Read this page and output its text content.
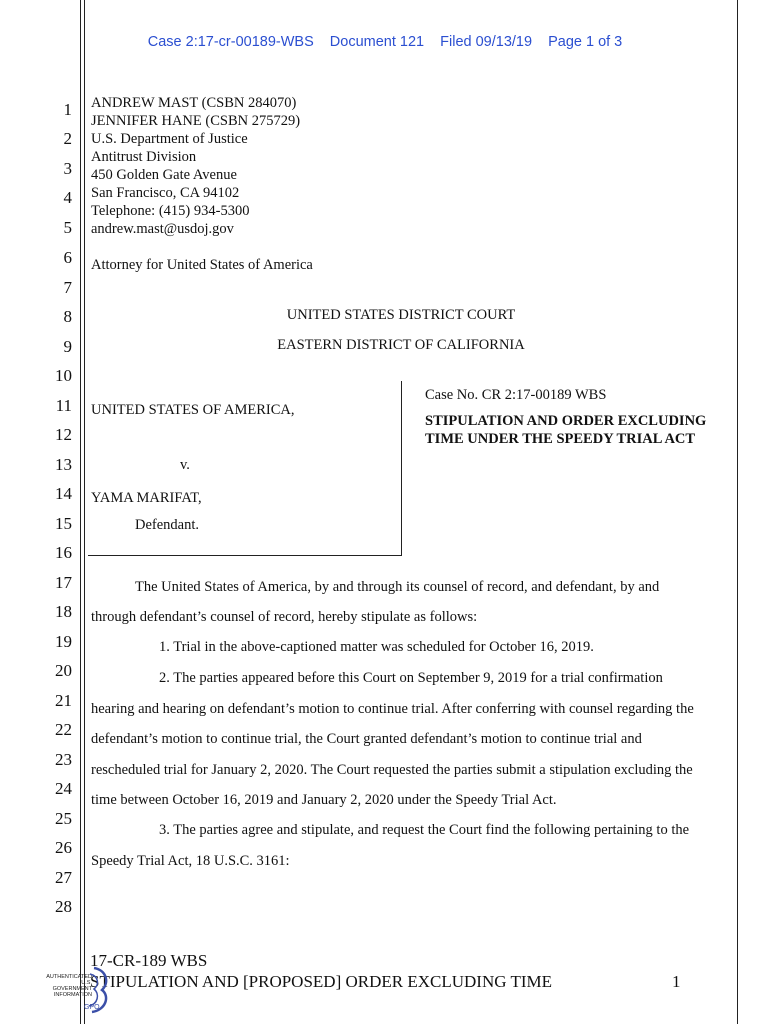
Case 2:17-cr-00189-WBS Document 121 Filed 09/13/19 Page 1 of 3
1
2
3
4
5
6
7
8
9
10
11
12
13
14
15
16
17
18
19
20
21
22
23
24
25
26
27
28
ANDREW MAST (CSBN 284070)
JENNIFER HANE (CSBN 275729)
U.S. Department of Justice
Antitrust Division
450 Golden Gate Avenue
San Francisco, CA 94102
Telephone: (415) 934-5300
andrew.mast@usdoj.gov
Attorney for United States of America
UNITED STATES DISTRICT COURT
EASTERN DISTRICT OF CALIFORNIA
UNITED STATES OF AMERICA,
v.
YAMA MARIFAT,
Defendant.
Case No. CR 2:17-00189 WBS
STIPULATION AND ORDER EXCLUDING
TIME UNDER THE SPEEDY TRIAL ACT
The United States of America, by and through its counsel of record, and defendant, by and
through defendant’s counsel of record, hereby stipulate as follows:
1. Trial in the above-captioned matter was scheduled for October 16, 2019.
2. The parties appeared before this Court on September 9, 2019 for a trial confirmation
hearing and hearing on defendant’s motion to continue trial. After conferring with counsel regarding the
defendant’s motion to continue trial, the Court granted defendant’s motion to continue trial and
rescheduled trial for January 2, 2020. The Court requested the parties submit a stipulation excluding the
time between October 16, 2019 and January 2, 2020 under the Speedy Trial Act.
3. The parties agree and stipulate, and request the Court find the following pertaining to the
Speedy Trial Act, 18 U.S.C. 3161:
17-CR-189 WBS
STIPULATION AND [PROPOSED] ORDER EXCLUDING TIME	1
AUTHENTICATED
U.S. GOVERNMENT
INFORMATION
GPO
